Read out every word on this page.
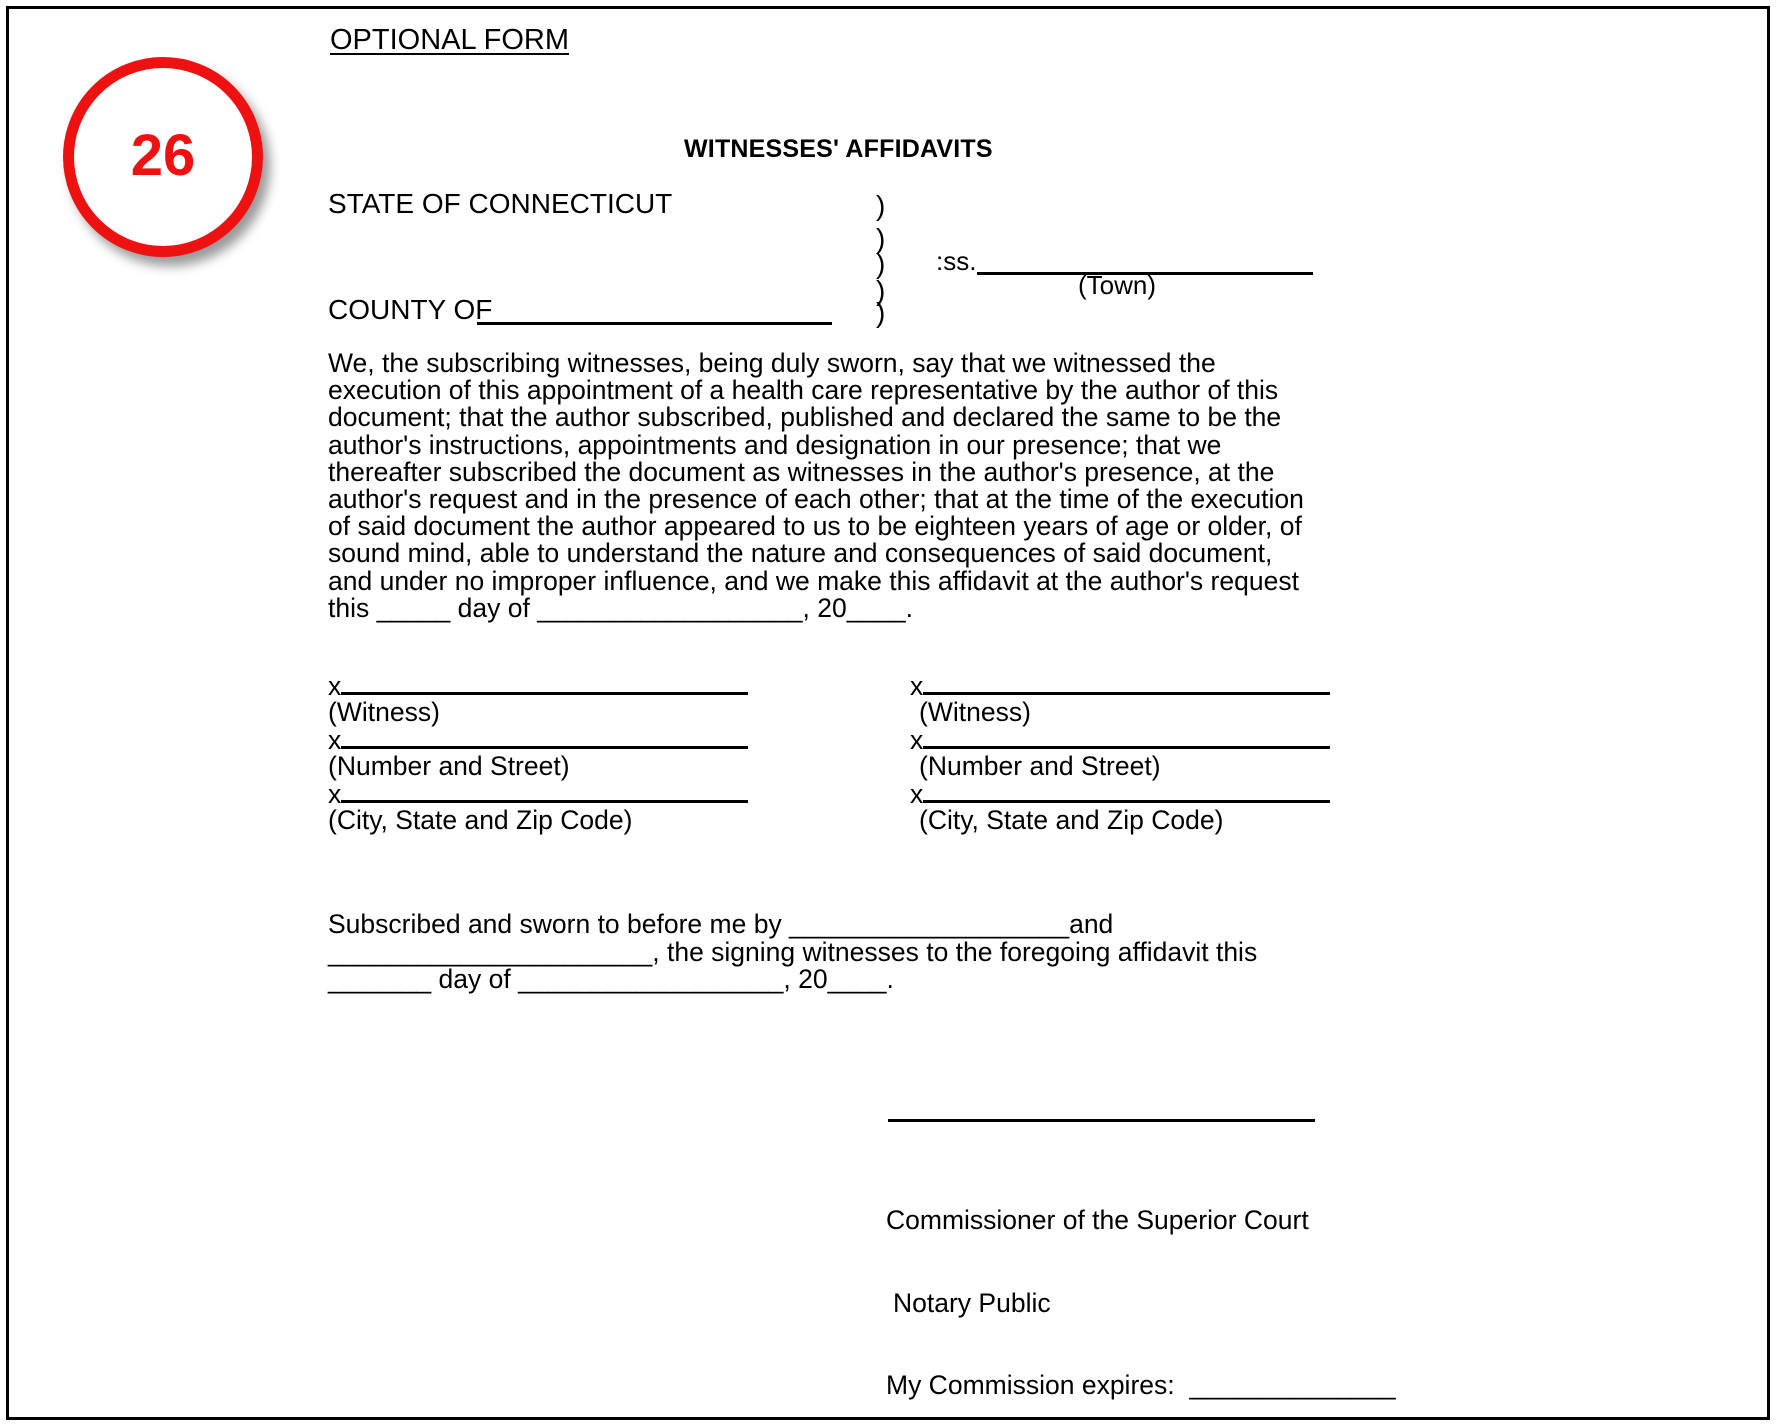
26
OPTIONAL FORM
WITNESSES' AFFIDAVITS
STATE OF CONNECTICUT	)
)
)
)
)
:ss.
(Town)
COUNTY OF
We, the subscribing witnesses, being duly sworn, say that we witnessed the execution of this appointment of a health care representative by the author of this document; that the author subscribed, published and declared the same to be the author's instructions, appointments and designation in our presence; that we thereafter subscribed the document as witnesses in the author's presence, at the author's request and in the presence of each other; that at the time of the execution of said document the author appeared to us to be eighteen years of age or older, of sound mind, able to understand the nature and consequences of said document, and under no improper influence, and we make this affidavit at the author's request this _____ day of __________________, 20____.
x
(Witness)
x
(Number and Street)
x
(City, State and Zip Code)
x
(Witness)
x
(Number and Street)
x
(City, State and Zip Code)
Subscribed and sworn to before me by ___________________and ______________________, the signing witnesses to the foregoing affidavit this _______ day of __________________, 20____.

Commissioner of the Superior Court

Notary Public

My Commission expires:  ______________
